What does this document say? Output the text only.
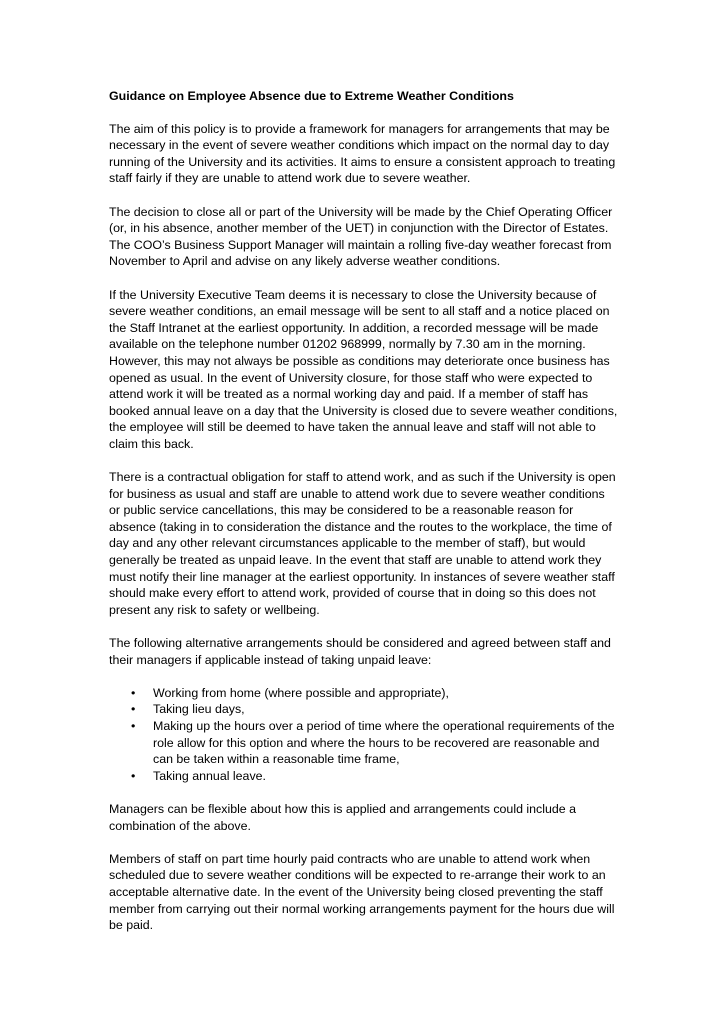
Guidance on Employee Absence due to Extreme Weather Conditions

The aim of this policy is to provide a framework for managers for arrangements that may be necessary in the event of severe weather conditions which impact on the normal day to day running of the University and its activities. It aims to ensure a consistent approach to treating staff fairly if they are unable to attend work due to severe weather.

The decision to close all or part of the University will be made by the Chief Operating Officer (or, in his absence, another member of the UET) in conjunction with the Director of Estates. The COO’s Business Support Manager will maintain a rolling five-day weather forecast from November to April and advise on any likely adverse weather conditions.

If the University Executive Team deems it is necessary to close the University because of severe weather conditions, an email message will be sent to all staff and a notice placed on the Staff Intranet at the earliest opportunity. In addition, a recorded message will be made available on the telephone number 01202 968999, normally by 7.30 am in the morning. However, this may not always be possible as conditions may deteriorate once business has opened as usual. In the event of University closure, for those staff who were expected to attend work it will be treated as a normal working day and paid. If a member of staff has booked annual leave on a day that the University is closed due to severe weather conditions, the employee will still be deemed to have taken the annual leave and staff will not able to claim this back.

There is a contractual obligation for staff to attend work, and as such if the University is open for business as usual and staff are unable to attend work due to severe weather conditions or public service cancellations, this may be considered to be a reasonable reason for absence (taking in to consideration the distance and the routes to the workplace, the time of day and any other relevant circumstances applicable to the member of staff), but would generally be treated as unpaid leave. In the event that staff are unable to attend work they must notify their line manager at the earliest opportunity. In instances of severe weather staff should make every effort to attend work, provided of course that in doing so this does not present any risk to safety or wellbeing.

The following alternative arrangements should be considered and agreed between staff and their managers if applicable instead of taking unpaid leave:

• Working from home (where possible and appropriate),
• Taking lieu days,
• Making up the hours over a period of time where the operational requirements of the role allow for this option and where the hours to be recovered are reasonable and can be taken within a reasonable time frame,
• Taking annual leave.

Managers can be flexible about how this is applied and arrangements could include a combination of the above.

Members of staff on part time hourly paid contracts who are unable to attend work when scheduled due to severe weather conditions will be expected to re-arrange their work to an acceptable alternative date. In the event of the University being closed preventing the staff member from carrying out their normal working arrangements payment for the hours due will be paid.
